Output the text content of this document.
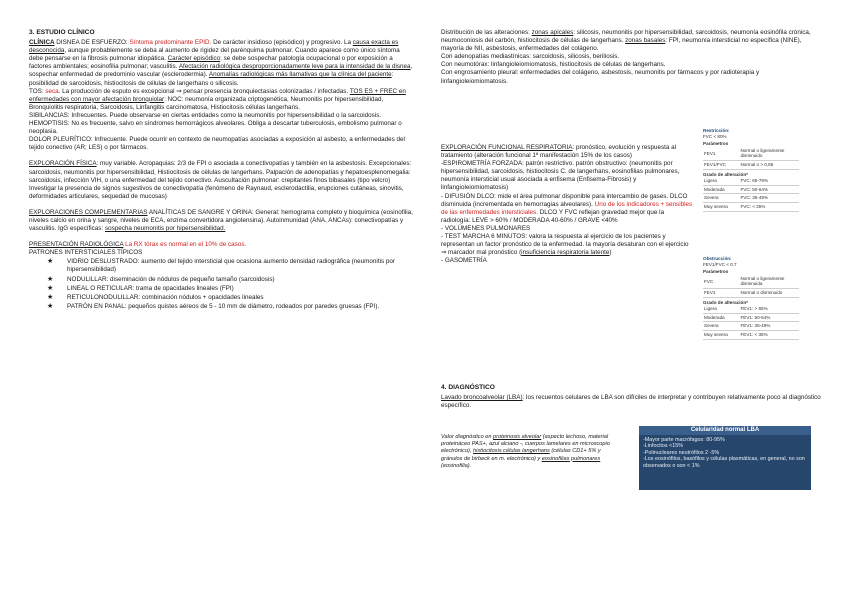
3. ESTUDIO CLÍNICO

CLÍNICA DISNEA DE ESFUERZO: Síntoma predominante EPID. De carácter insidioso (episódico) y progresivo. La causa exacta es desconocida, aunque probablemente se deba al aumento de rigidez del parénquima pulmonar. Cuando aparece como único síntoma debe pensarse en la fibrosis pulmonar idiopática. Carácter episódico: se debe sospechar patología ocupacional o por exposición a factores ambientales; eosinofilia pulmonar; vasculitis. Afectación radiológica desproporcionadamente leve para la intensidad de la disnea, sospechar enfermedad de predominio vascular (esclerodermia). Anomalías radiológicas más llamativas que la clínica del paciente: posibilidad de sarcoidosis, histiocitosis de células de langerhans o silicosis.

TOS: seca. La producción de esputo es excepcional ⇒ pensar presencia bronquiectasias colonizadas / infectadas. TOS ES + FREC en enfermedades con mayor afectación bronquiolar: NOC: neumonía organizada criptogenética, Neumonitis por hipersensibilidad, Bronquiolitis respiratoria, Sarcoidosis, Linfangitis carcinomatosa, Histiocitosis células langerhans.

SIBILANCIAS: Infrecuentes. Puede observarse en ciertas entidades como la neumonitis por hipersensibilidad o la sarcoidosis.

HEMOPTISIS: No es frecuente, salvo en síndromes hemorrágicos alveolares. Obliga a descartar tuberculosis, embolismo pulmonar o neoplasia.

DOLOR PLEURÍTICO: Infrecuente. Puede ocurrir en contexto de neumopatías asociadas a exposición al asbesto, a enfermedades del tejido conectivo (AR; LES) o por fármacos.

EXPLORACIÓN FÍSICA: muy variable. Acropaquias: 2/3 de FPI o asociada a conectivopatías y también en la asbestosis. Excepcionales: sarcoidosis, neumonitis por hipersensibilidad, Histiocitosis de células de langerhans. Palpación de adenopatías y hepatoesplenomegalia: sarcoidosis, infección VIH, o una enfermedad del tejido conectivo. Auscultación pulmonar: crepitantes finos bibasales (tipo velcro) Investigar la presencia de signos sugestivos de conectivopatía (fenómeno de Raynaud, esclerodactilia, erupciones cutáneas, sinovitis, deformidades articulares, sequedad de mucosas)

EXPLORACIONES COMPLEMENTARIAS ANALÍTICAS DE SANGRE Y ORINA: General: hemograma completo y bioquímica (eosinofilia, niveles calcio en orina y sangre, niveles de ECA, enzima convertidora angiotensina). Autoinmunidad (ANA, ANCAs): conectivopatías y vasculitis. IgG específicas: sospecha neumonitis por hipersensibilidad.

PRESENTACIÓN RADIOLÓGICA La RX tórax es normal en el 10% de casos.

PATRONES INTERSTICIALES TÍPICOS

★ VIDRIO DESLUSTRADO: aumento del tejido intersticial que ocasiona aumento densidad radiográfica (neumonitis por hipersensibilidad)
★ NODULILLAR: diseminación de nódulos de pequeño tamaño (sarcoidosis)
★ LINEAL O RETICULAR: trama de opacidades lineales (FPI)
★ RETICULONODULILLAR: combinación nódulos + opacidades lineales
★ PATRÓN EN PANAL: pequeños quistes aéreos de 5 - 10 mm de diámetro, rodeados por paredes gruesas (FPI).

Distribución de las alteraciones: zonas apicales: silicosis, neumonitis por hipersensibilidad, sarcoidosis, neumonía eosinófila crónica, neumoconiosis del carbón, histiocitosis de células de langerhans. zonas basales: FPI, neumonía intersticial no específica (NINE), mayoría de NII, asbestosis, enfermedades del colágeno.

Con adenopatías mediastínicas: sarcoidosis, silicosis, beriliosis.

Con neumotórax: linfangioleiomiomatosis, histiocitosis de células de langerhans.

Con engrosamiento pleural: enfermedades del colágeno, asbestosis, neumonitis por fármacos y por radioterapia y linfangioleiomiomatosis.

EXPLORACIÓN FUNCIONAL RESPIRATORIA: pronóstico, evolución y respuesta al tratamiento (alteración funcional 1ª manifestación 15% de los casos)

-ESPIROMETRÍA FORZADA: patrón restrictivo. patrón obstructivo: (neumonitis por hipersensibilidad, sarcoidosis, histiocitosis C. de langerhans, eosinofilias pulmonares, neumonía intersticial usual asociada a enfisema (Enfisema-Fibrosis) y linfangioleiomiomatosis)

- DIFUSIÓN DLCO: mide el área pulmonar disponible para intercambio de gases. DLCO disminuida (incrementada en hemorragias alveolares). Uno de los indicadores + sensibles de las enfermedades intersticiales. DLCO Y FVC reflejan gravedad mejor que la radiología: LEVE > 60% / MODERADA 40-60% / GRAVE <40%

- VOLÚMENES PULMONARES

- TEST MARCHA 6 MINUTOS: valora la respuesta al ejercicio de los pacientes y representan un factor pronóstico de la enfermedad. la mayoría desaturan con el ejercicio ⇒ marcador mal pronóstico (insuficiencia respiratoria latente)

- GASOMETRÍA

4. DIAGNÓSTICO

Lavado broncoalveolar (LBA): los recuentos celulares de LBA son difíciles de interpretar y contribuyen relativamente poco al diagnóstico específico.

Valor diagnóstico en proteinosis alveolar (aspecto lechoso, material proteináceo PAS+, azul alciano -, cuerpos lamelares en microscopio electrónico), histiocitosis células langerhans (células CD1+ 5% y gránulos de birbeck en m. electrónico) y eosinofilias pulmonares (eosinofilia).

Restricción:
FVC < 80%
Parámetros
FEV1	Normal o ligeramente disminuido
FEV1/FVC	Normal o > 0,85
Grado de alteración*
Ligera	FVC: 65-79%
Moderada	FVC: 50-64%
Severa	FVC: 35-49%
Muy severa	FVC: < 35%
Obstrucción:
FEV1/FVC < 0.7
Parámetros
FVC	Normal o ligeramente disminuida
FEV1	Normal o disminuido
Grado de alteración*
Ligera	FEV1: > 65%
Moderada	FEV1: 50-64%
Severa	FEV1: 35-49%
Muy severa	FEV1: < 35%
Celularidad normal LBA
-Mayor parte macrófagos: 80-95%
-Linfocitos <15%
-Polinucleares neutrófilos 2 -5%
-Los eosinófilos, basófilos y células plasmáticas, en general, no son observados o son < 1%
